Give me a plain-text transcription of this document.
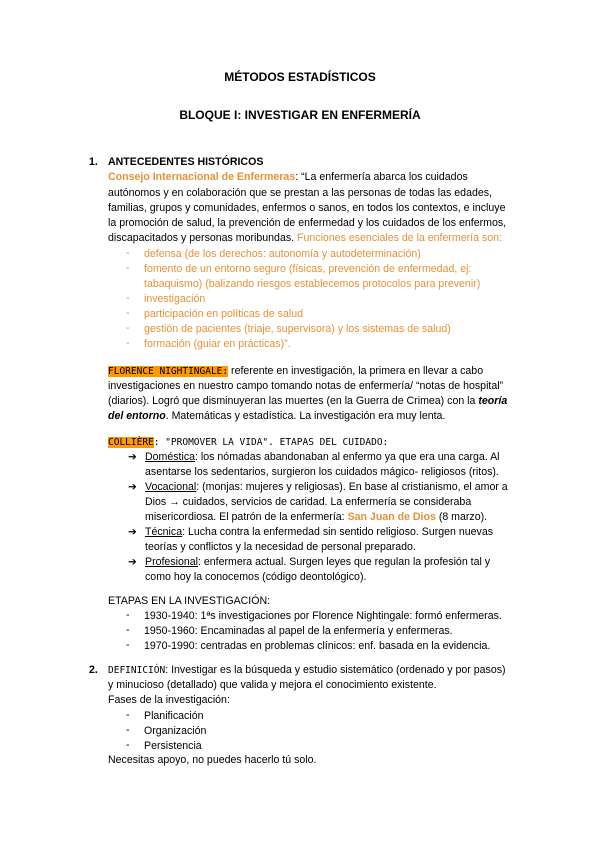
MÉTODOS ESTADÍSTICOS
BLOQUE I: INVESTIGAR EN ENFERMERÍA
1. ANTECEDENTES HISTÓRICOS
Consejo Internacional de Enfermeras: “La enfermería abarca los cuidados
autónomos y en colaboración que se prestan a las personas de todas las edades,
familias, grupos y comunidades, enfermos o sanos, en todos los contextos, e incluye
la promoción de salud, la prevención de enfermedad y los cuidados de los enfermos,
discapacitados y personas moribundas. Funciones esenciales de la enfermería son:
- defensa (de los derechos: autonomía y autodeterminación)
- fomento de un entorno seguro (físicas, prevención de enfermedad, ej:
tabaquismo) (balizando riesgos establecemos protocolos para prevenir)
- investigación
- participación en políticas de salud
- gestión de pacientes (triaje, supervisora) y los sistemas de salud)
- formación (guiar en prácticas)”.
FLORENCE NIGHTINGALE: referente en investigación, la primera en llevar a cabo
investigaciones en nuestro campo tomando notas de enfermería/ “notas de hospital”
(diarios). Logró que disminuyeran las muertes (en la Guerra de Crimea) con la teoría
del entorno. Matemáticas y estadística. La investigación era muy lenta.
COLLIÈRE: "PROMOVER LA VIDA". ETAPAS DEL CUIDADO:
➔ Doméstica: los nómadas abandonaban al enfermo ya que era una carga. Al
asentarse los sedentarios, surgieron los cuidados mágico- religiosos (ritos).
➔ Vocacional: (monjas: mujeres y religiosas). En base al cristianismo, el amor a
Dios → cuidados, servicios de caridad. La enfermería se consideraba
misericordiosa. El patrón de la enfermería: San Juan de Dios (8 marzo).
➔ Técnica: Lucha contra la enfermedad sin sentido religioso. Surgen nuevas
teorías y conflictos y la necesidad de personal preparado.
➔ Profesional: enfermera actual. Surgen leyes que regulan la profesión tal y
como hoy la conocemos (código deontológico).
ETAPAS EN LA INVESTIGACIÓN:
- 1930-1940: 1ªs investigaciones por Florence Nightingale: formó enfermeras.
- 1950-1960: Encaminadas al papel de la enfermería y enfermeras.
- 1970-1990: centradas en problemas clínicos: enf. basada en la evidencia.
2. DEFINICIÓN: Investigar es la búsqueda y estudio sistemático (ordenado y por pasos)
y minucioso (detallado) que valida y mejora el conocimiento existente.
Fases de la investigación:
- Planificación
- Organización
- Persistencia
Necesitas apoyo, no puedes hacerlo tú solo.
